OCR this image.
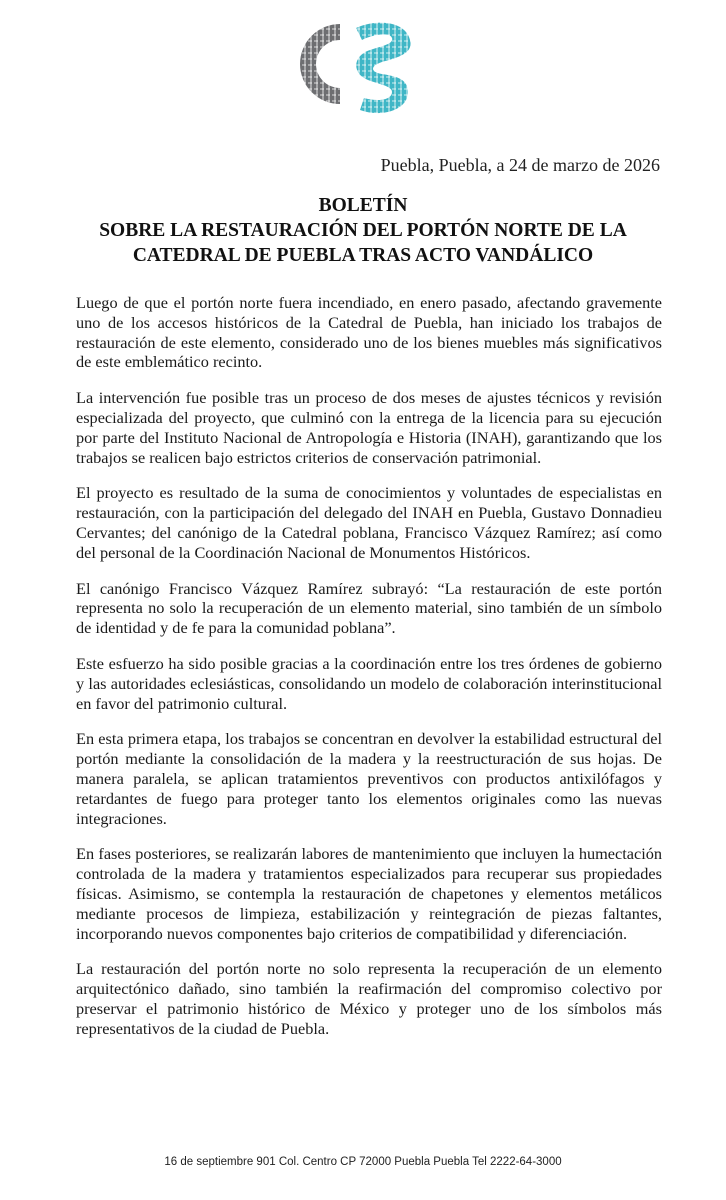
Puebla, Puebla, a 24 de marzo de 2026
BOLETÍN
SOBRE LA RESTAURACIÓN DEL PORTÓN NORTE DE LA
CATEDRAL DE PUEBLA TRAS ACTO VANDÁLICO

Luego de que el portón norte fuera incendiado, en enero pasado, afectando gravemente uno de los accesos históricos de la Catedral de Puebla, han iniciado los trabajos de restauración de este elemento, considerado uno de los bienes muebles más significativos de este emblemático recinto.

La intervención fue posible tras un proceso de dos meses de ajustes técnicos y revisión especializada del proyecto, que culminó con la entrega de la licencia para su ejecución por parte del Instituto Nacional de Antropología e Historia (INAH), garantizando que los trabajos se realicen bajo estrictos criterios de conservación patrimonial.

El proyecto es resultado de la suma de conocimientos y voluntades de especialistas en restauración, con la participación del delegado del INAH en Puebla, Gustavo Donnadieu Cervantes; del canónigo de la Catedral poblana, Francisco Vázquez Ramírez; así como del personal de la Coordinación Nacional de Monumentos Históricos.

El canónigo Francisco Vázquez Ramírez subrayó: “La restauración de este portón representa no solo la recuperación de un elemento material, sino también de un símbolo de identidad y de fe para la comunidad poblana”.

Este esfuerzo ha sido posible gracias a la coordinación entre los tres órdenes de gobierno y las autoridades eclesiásticas, consolidando un modelo de colaboración interinstitucional en favor del patrimonio cultural.

En esta primera etapa, los trabajos se concentran en devolver la estabilidad estructural del portón mediante la consolidación de la madera y la reestructuración de sus hojas. De manera paralela, se aplican tratamientos preventivos con productos antixilófagos y retardantes de fuego para proteger tanto los elementos originales como las nuevas integraciones.

En fases posteriores, se realizarán labores de mantenimiento que incluyen la humectación controlada de la madera y tratamientos especializados para recuperar sus propiedades físicas. Asimismo, se contempla la restauración de chapetones y elementos metálicos mediante procesos de limpieza, estabilización y reintegración de piezas faltantes, incorporando nuevos componentes bajo criterios de compatibilidad y diferenciación.

La restauración del portón norte no solo representa la recuperación de un elemento arquitectónico dañado, sino también la reafirmación del compromiso colectivo por preservar el patrimonio histórico de México y proteger uno de los símbolos más representativos de la ciudad de Puebla.

16 de septiembre 901 Col. Centro CP 72000 Puebla Puebla Tel 2222-64-3000
